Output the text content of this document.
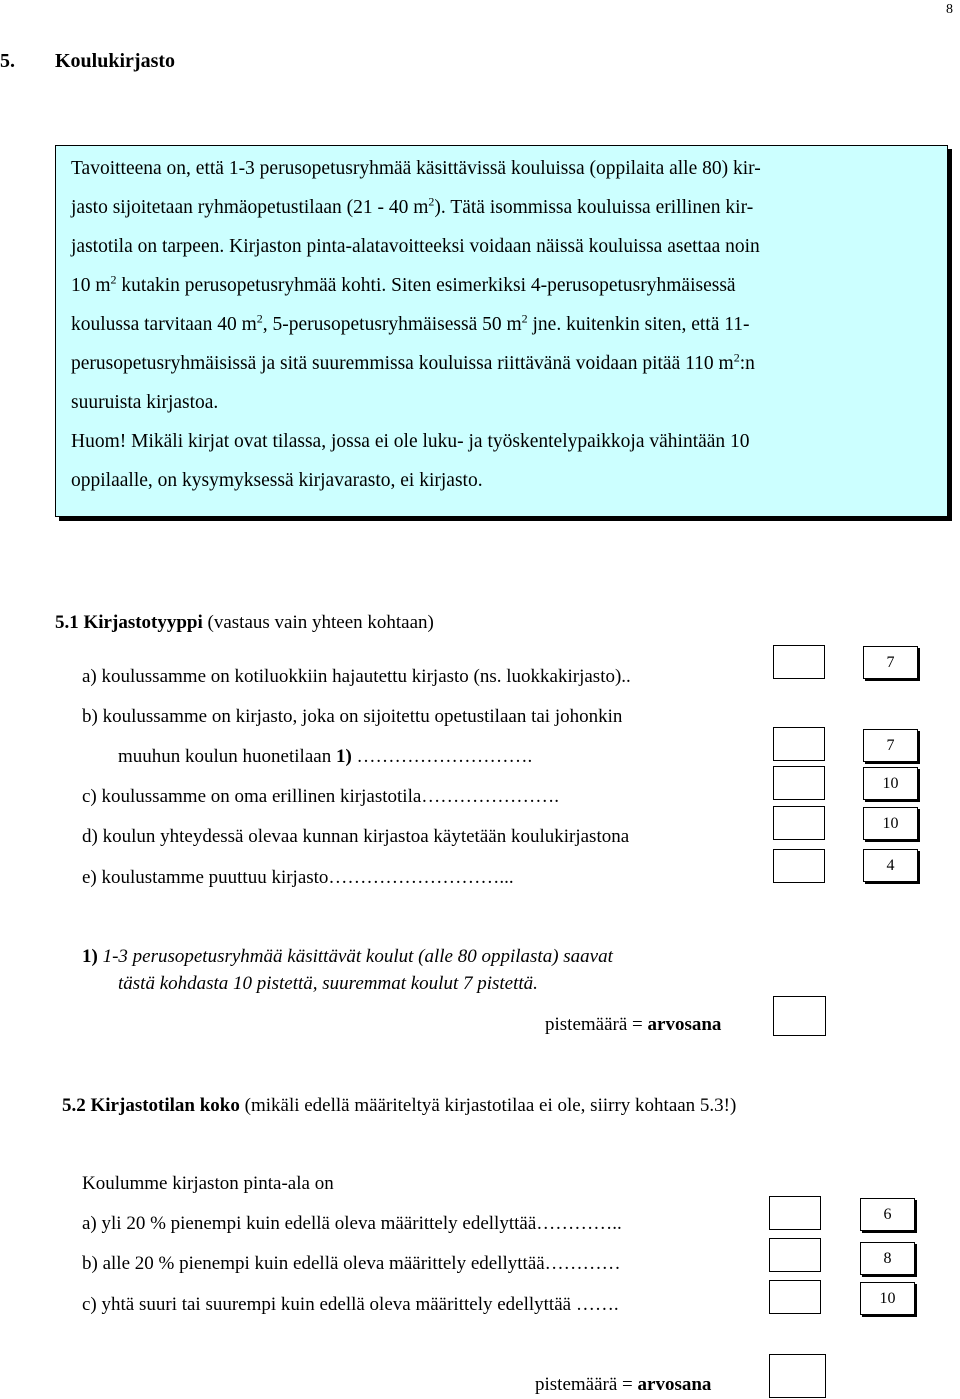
8
5. Koulukirjasto
Tavoitteena on, että 1-3 perusopetusryhmää käsittävissä kouluissa (oppilaita alle 80) kir-
jasto sijoitetaan ryhmäopetustilaan (21 - 40 $m^2$). Tätä isommissa kouluissa erillinen kir-
jastotila on tarpeen. Kirjaston pinta-alatavoitteeksi voidaan näissä kouluissa asettaa noin
10 $m^2$ kutakin perusopetusryhmää kohti. Siten esimerkiksi 4-perusopetusryhmäisessä
koulussa tarvitaan 40 $m^2$, 5-perusopetusryhmäisessä 50 $m^2$ jne. kuitenkin siten, että 11-
perusopetusryhmäisissä ja sitä suuremmissa kouluissa riittävänä voidaan pitää 110 $m^2:n$
suuruista kirjastoa.
Huom! Mikäli kirjat ovat tilassa, jossa ei ole luku- ja työskentelypaikkoja vähintään 10
oppilaalle, on kysymyksessä kirjavarasto, ei kirjasto.
5.1 Kirjastotyyppi (vastaus vain yhteen kohtaan)
a) koulussamme on kotiluokkiin hajautettu kirjasto (ns. luokkakirjasto)..
b) koulussamme on kirjasto, joka on sijoitettu opetustilaan tai johonkin
muuhun koulun huonetilaan 1) ……………………….
c) koulussamme on oma erillinen kirjastotila………………….
d) koulun yhteydessä olevaa kunnan kirjastoa käytetään koulukirjastona
e) koulustamme puuttuu kirjasto………………………...
7
7
10
10
4
1) 1-3 perusopetusryhmää käsittävät koulut (alle 80 oppilasta) saavat
tästä kohdasta 10 pistettä, suuremmat koulut 7 pistettä.
pistemäärä = arvosana
5.2 Kirjastotilan koko (mikäli edellä määriteltyä kirjastotilaa ei ole, siirry kohtaan 5.3!)
Koulumme kirjaston pinta-ala on
a) yli 20 % pienempi kuin edellä oleva määrittely edellyttää…………..
b) alle 20 % pienempi kuin edellä oleva määrittely edellyttää…………
c) yhtä suuri tai suurempi kuin edellä oleva määrittely edellyttää …….
6
8
10
pistemäärä = arvosana
